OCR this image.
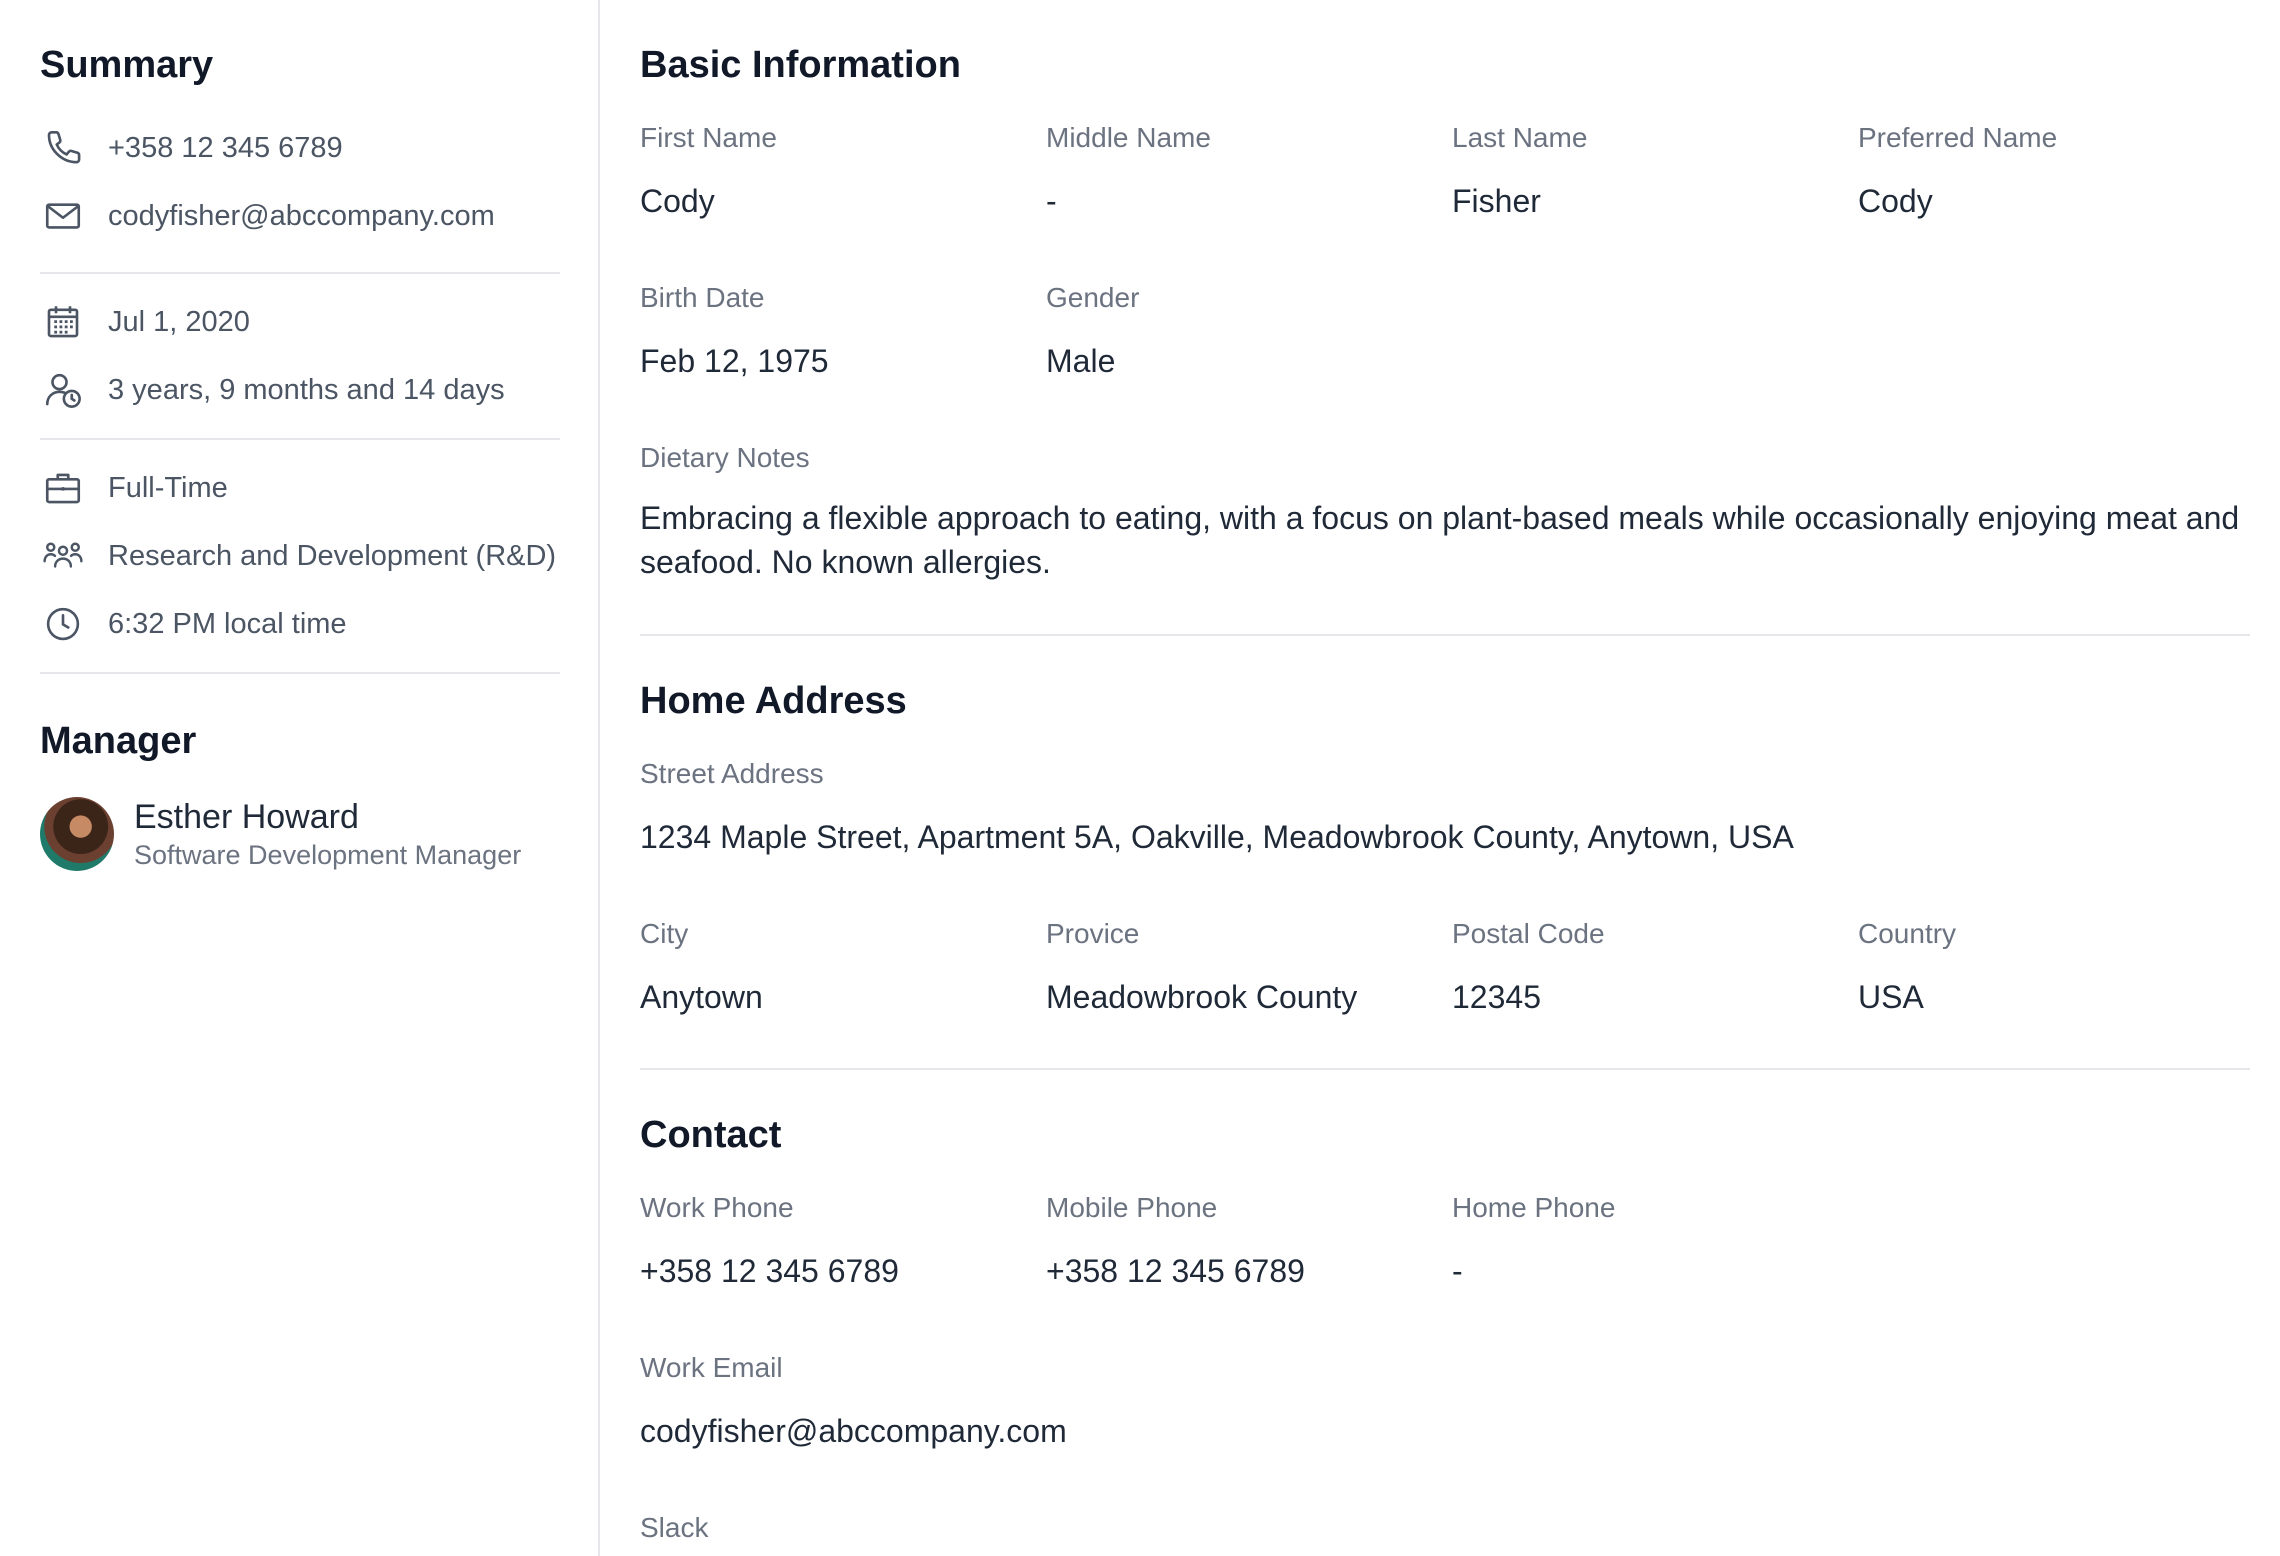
Summary
+358 12 345 6789
codyfisher@abccompany.com
Jul 1, 2020
3 years, 9 months and 14 days
Full-Time
Research and Development (R&D)
6:32 PM local time
Manager
Esther Howard
Software Development Manager
Basic Information
First Name
Cody
Middle Name
-
Last Name
Fisher
Preferred Name
Cody
Birth Date
Feb 12, 1975
Gender
Male
Dietary Notes
Embracing a flexible approach to eating, with a focus on plant-based meals while occasionally enjoying meat and seafood. No known allergies.
Home Address
Street Address
1234 Maple Street, Apartment 5A, Oakville, Meadowbrook County, Anytown, USA
City
Anytown
Provice
Meadowbrook County
Postal Code
12345
Country
USA
Contact
Work Phone
+358 12 345 6789
Mobile Phone
+358 12 345 6789
Home Phone
-
Work Email
codyfisher@abccompany.com
Slack
